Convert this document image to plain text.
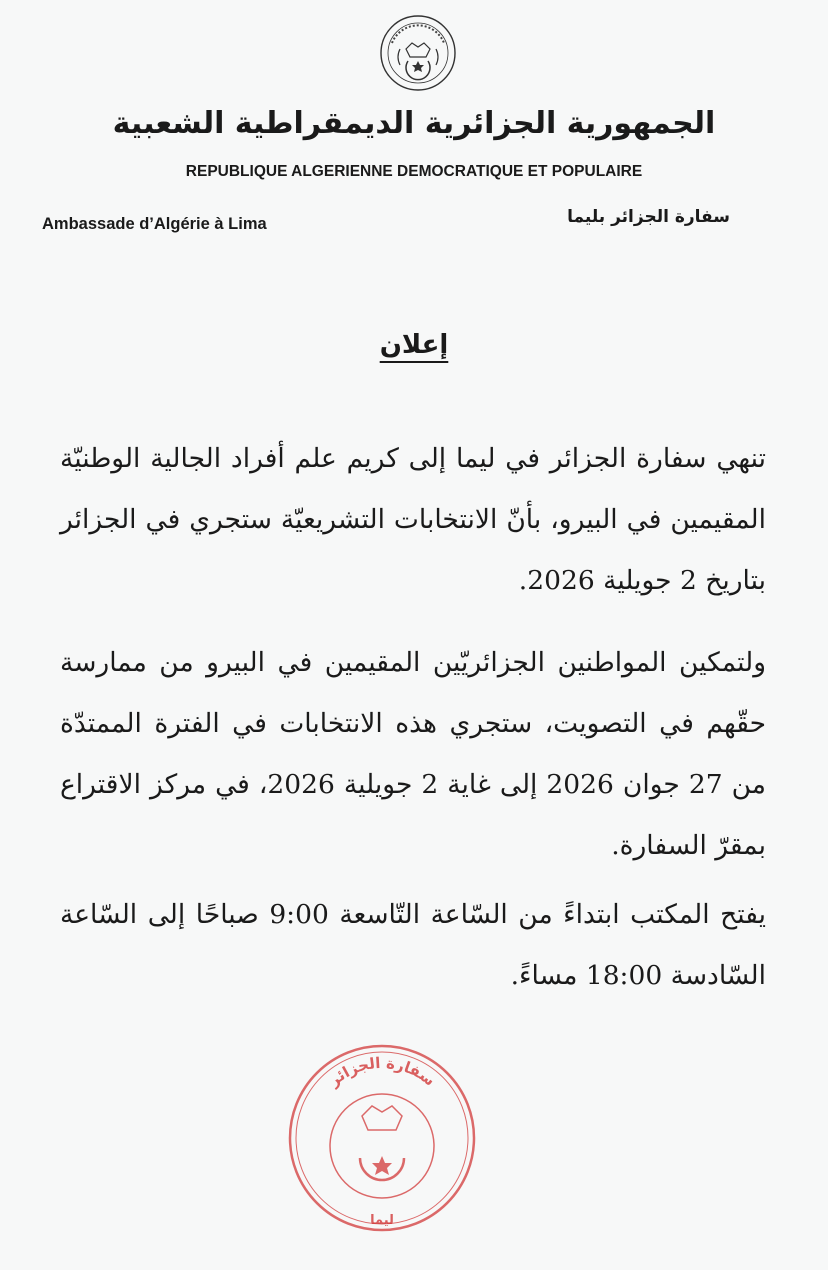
الجمهورية الجزائرية الديمقراطية الشعبية
REPUBLIQUE ALGERIENNE DEMOCRATIQUE ET POPULAIRE
Ambassade d’Algérie à Lima	سفارة الجزائر بليما
إعلان
تنهي سفارة الجزائر في ليما إلى كريم علم أفراد الجالية الوطنيّة المقيمين في البيرو، بأنّ الانتخابات التشريعيّة ستجري في الجزائر بتاريخ 2 جويلية 2026.
ولتمكين المواطنين الجزائريّين المقيمين في البيرو من ممارسة حقّهم في التصويت، ستجري هذه الانتخابات في الفترة الممتدّة من 27 جوان 2026 إلى غاية 2 جويلية 2026، في مركز الاقتراع بمقرّ السفارة.
يفتح المكتب ابتداءً من السّاعة التّاسعة 9:00 صباحًا إلى السّاعة السّادسة 18:00 مساءً.
سفارة الجزائر
ليما
